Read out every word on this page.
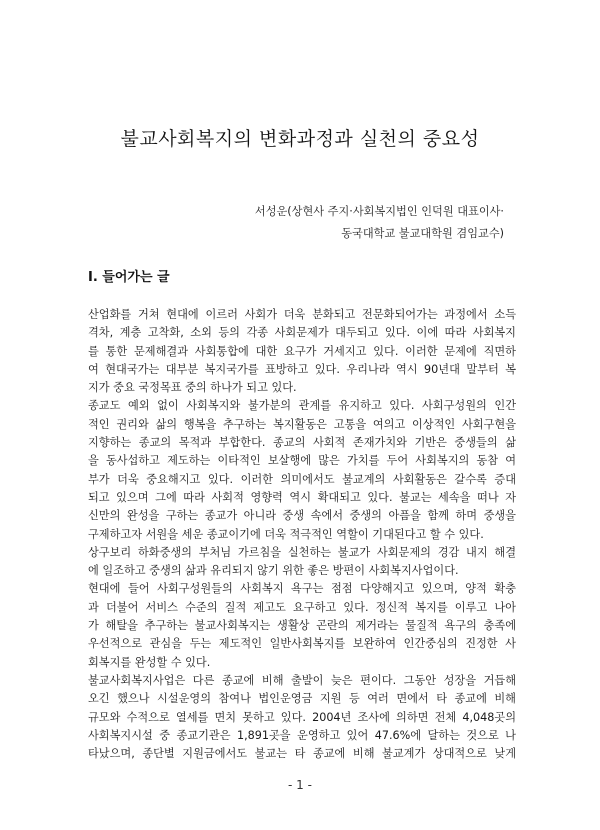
불교사회복지의 변화과정과 실천의 중요성
서성운(상현사 주지·사회복지법인 인덕원 대표이사·
동국대학교 불교대학원 겸임교수)
I. 들어가는 글
산업화를 거쳐 현대에 이르러 사회가 더욱 분화되고 전문화되어가는 과정에서 소득
격차, 계층 고착화, 소외 등의 각종 사회문제가 대두되고 있다. 이에 따라 사회복지
를 통한 문제해결과 사회통합에 대한 요구가 거세지고 있다. 이러한 문제에 직면하
여 현대국가는 대부분 복지국가를 표방하고 있다. 우리나라 역시 90년대 말부터 복
지가 중요 국정목표 중의 하나가 되고 있다.
종교도 예외 없이 사회복지와 불가분의 관계를 유지하고 있다. 사회구성원의 인간
적인 권리와 삶의 행복을 추구하는 복지활동은 고통을 여의고 이상적인 사회구현을
지향하는 종교의 목적과 부합한다. 종교의 사회적 존재가치와 기반은 중생들의 삶
을 동사섭하고 제도하는 이타적인 보살행에 많은 가치를 두어 사회복지의 동참 여
부가 더욱 중요해지고 있다. 이러한 의미에서도 불교계의 사회활동은 갈수록 증대
되고 있으며 그에 따라 사회적 영향력 역시 확대되고 있다. 불교는 세속을 떠나 자
신만의 완성을 구하는 종교가 아니라 중생 속에서 중생의 아픔을 함께 하며 중생을
구제하고자 서원을 세운 종교이기에 더욱 적극적인 역할이 기대된다고 할 수 있다.
상구보리 하화중생의 부처님 가르침을 실천하는 불교가 사회문제의 경감 내지 해결
에 일조하고 중생의 삶과 유리되지 않기 위한 좋은 방편이 사회복지사업이다.
현대에 들어 사회구성원들의 사회복지 욕구는 점점 다양해지고 있으며, 양적 확충
과 더불어 서비스 수준의 질적 제고도 요구하고 있다. 정신적 복지를 이루고 나아
가 해탈을 추구하는 불교사회복지는 생활상 곤란의 제거라는 물질적 욕구의 충족에
우선적으로 관심을 두는 제도적인 일반사회복지를 보완하여 인간중심의 진정한 사
회복지를 완성할 수 있다.
불교사회복지사업은 다른 종교에 비해 출발이 늦은 편이다. 그동안 성장을 거듭해
오긴 했으나 시설운영의 참여나 법인운영금 지원 등 여러 면에서 타 종교에 비해
규모와 수적으로 열세를 면치 못하고 있다. 2004년 조사에 의하면 전체 4,048곳의
사회복지시설 중 종교기관은 1,891곳을 운영하고 있어 47.6%에 달하는 것으로 나
타났으며, 종단별 지원금에서도 불교는 타 종교에 비해 불교계가 상대적으로 낮게
- 1 -
